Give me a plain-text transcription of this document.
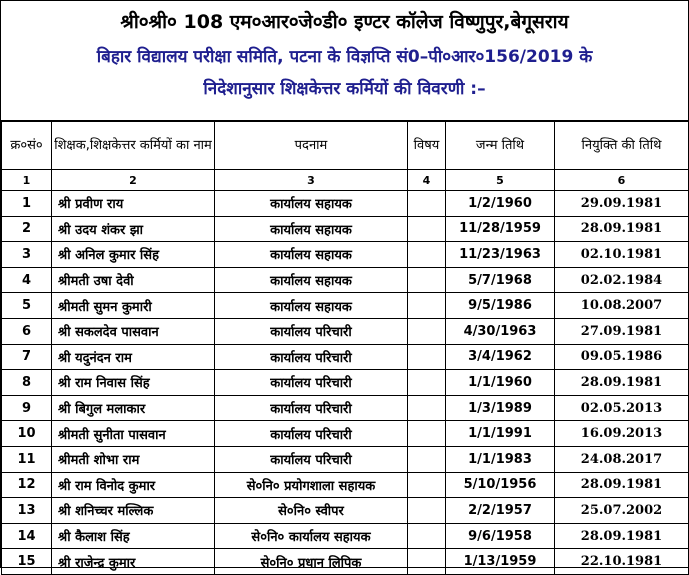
श्री०श्री० 108 एम०आर०जे०डी० इण्टर कॉलेज विष्णुपुर,बेगूसराय
बिहार विद्यालय परीक्षा समिति, पटना के विज्ञप्ति सं0–पी०आर०156/2019 के
निदेशानुसार शिक्षकेत्तर कर्मियों की विवरणी :–
क्र०सं०	शिक्षक,शिक्षकेत्तर कर्मियों का नाम	पदनाम	विषय	जन्म तिथि	नियुक्ति की तिथि
1	2	3	4	5	6
1	श्री प्रवीण राय	कार्यालय सहायक		1/2/1960	29.09.1981
2	श्री उदय शंकर झा	कार्यालय सहायक		11/28/1959	28.09.1981
3	श्री अनिल कुमार सिंह	कार्यालय सहायक		11/23/1963	02.10.1981
4	श्रीमती उषा देवी	कार्यालय सहायक		5/7/1968	02.02.1984
5	श्रीमती सुमन कुमारी	कार्यालय सहायक		9/5/1986	10.08.2007
6	श्री सकलदेव पासवान	कार्यालय परिचारी		4/30/1963	27.09.1981
7	श्री यदुनंदन राम	कार्यालय परिचारी		3/4/1962	09.05.1986
8	श्री राम निवास सिंह	कार्यालय परिचारी		1/1/1960	28.09.1981
9	श्री बिगुल मलाकार	कार्यालय परिचारी		1/3/1989	02.05.2013
10	श्रीमती सुनीता पासवान	कार्यालय परिचारी		1/1/1991	16.09.2013
11	श्रीमती शोभा राम	कार्यालय परिचारी		1/1/1983	24.08.2017
12	श्री राम विनोद कुमार	से०नि० प्रयोगशाला सहायक		5/10/1956	28.09.1981
13	श्री शनिच्चर मल्लिक	से०नि० स्वीपर		2/2/1957	25.07.2002
14	श्री कैलाश सिंह	से०नि० कार्यालय सहायक		9/6/1958	28.09.1981
15	श्री राजेन्द्र कुमार	से०नि० प्रधान लिपिक		1/13/1959	22.10.1981
